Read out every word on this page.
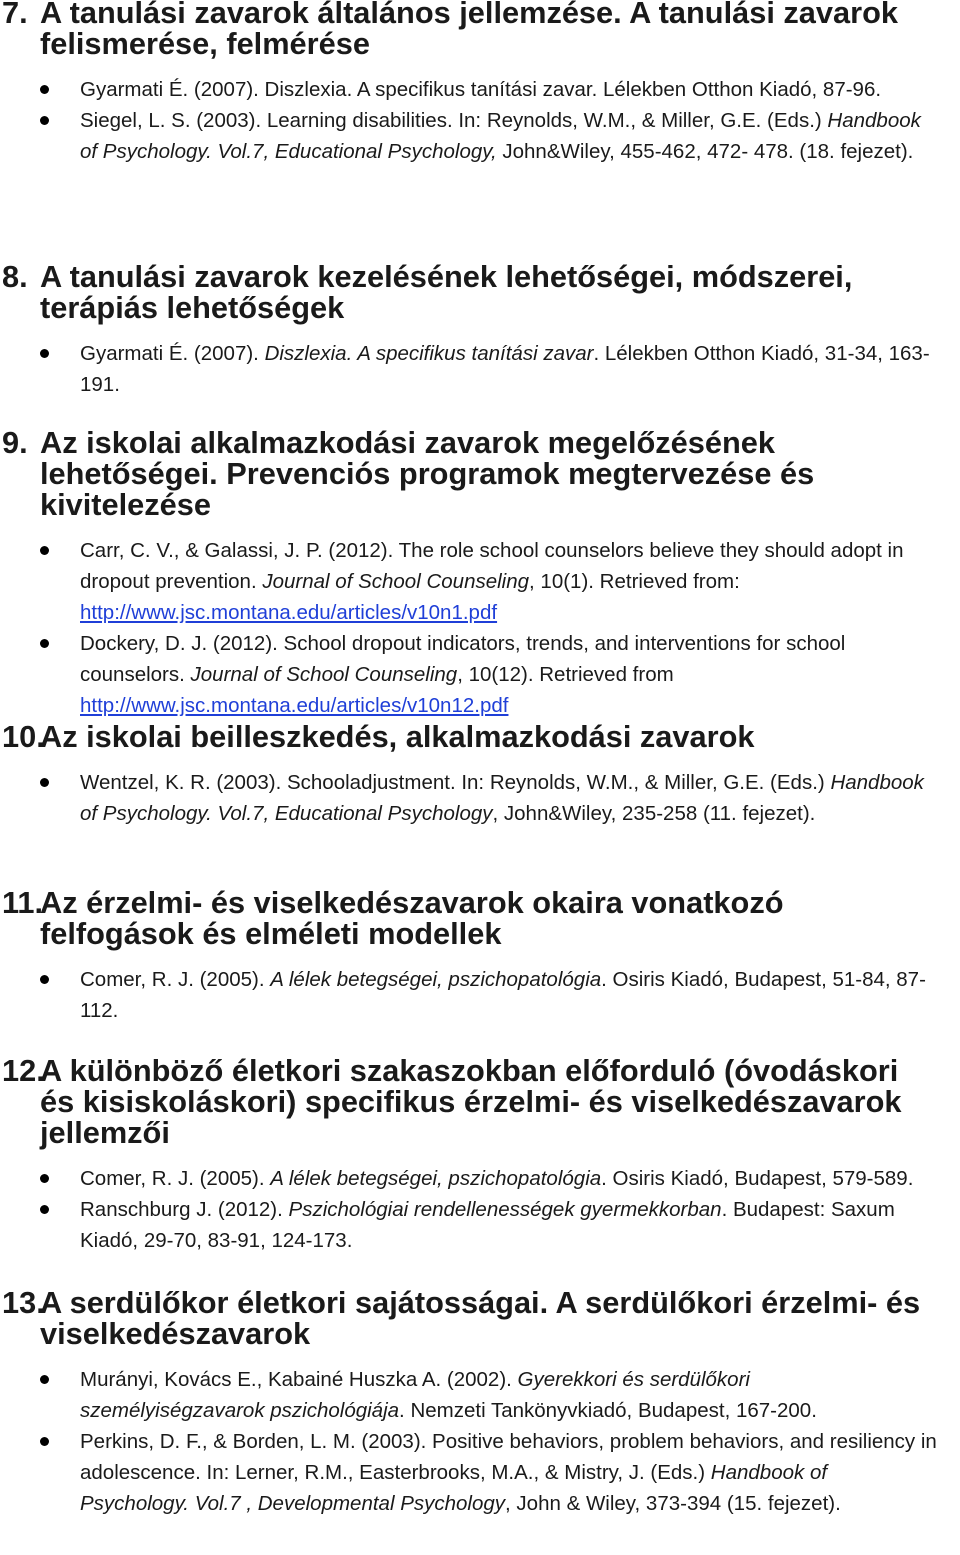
7. A tanulási zavarok általános jellemzése. A tanulási zavarok felismerése, felmérése
Gyarmati É. (2007). Diszlexia. A specifikus tanítási zavar. Lélekben Otthon Kiadó, 87-96.
Siegel, L. S. (2003). Learning disabilities. In: Reynolds, W.M., & Miller, G.E. (Eds.) Handbook of Psychology. Vol.7, Educational Psychology, John&Wiley, 455-462, 472- 478. (18. fejezet).
8. A tanulási zavarok kezelésének lehetőségei, módszerei, terápiás lehetőségek
Gyarmati É. (2007). Diszlexia. A specifikus tanítási zavar. Lélekben Otthon Kiadó, 31-34, 163-191.
9. Az iskolai alkalmazkodási zavarok megelőzésének lehetőségei. Prevenciós programok megtervezése és kivitelezése
Carr, C. V., & Galassi, J. P. (2012). The role school counselors believe they should adopt in dropout prevention. Journal of School Counseling, 10(1). Retrieved from: http://www.jsc.montana.edu/articles/v10n1.pdf
Dockery, D. J. (2012). School dropout indicators, trends, and interventions for school counselors. Journal of School Counseling, 10(12). Retrieved from http://www.jsc.montana.edu/articles/v10n12.pdf
10.
Az iskolai beilleszkedés, alkalmazkodási zavarok
Wentzel, K. R. (2003). Schooladjustment. In: Reynolds, W.M., & Miller, G.E. (Eds.) Handbook of Psychology. Vol.7, Educational Psychology, John&Wiley, 235-258 (11. fejezet).
11.
Az érzelmi- és viselkedészavarok okaira vonatkozó felfogások és elméleti modellek
Comer, R. J. (2005). A lélek betegségei, pszichopatológia. Osiris Kiadó, Budapest, 51-84, 87-112.
12.
A különböző életkori szakaszokban előforduló (óvodáskori és kisiskoláskori) specifikus érzelmi- és viselkedészavarok jellemzői
Comer, R. J. (2005). A lélek betegségei, pszichopatológia. Osiris Kiadó, Budapest, 579-589.
Ranschburg J. (2012). Pszichológiai rendellenességek gyermekkorban. Budapest: Saxum Kiadó, 29-70, 83-91, 124-173.
13.
A serdülőkor életkori sajátosságai. A serdülőkori érzelmi- és viselkedészavarok
Murányi, Kovács E., Kabainé Huszka A. (2002). Gyerekkori és serdülőkori személyiségzavarok pszichológiája. Nemzeti Tankönyvkiadó, Budapest, 167-200.
Perkins, D. F., & Borden, L. M. (2003). Positive behaviors, problem behaviors, and resiliency in adolescence. In: Lerner, R.M., Easterbrooks, M.A., & Mistry, J. (Eds.) Handbook of Psychology. Vol.7 , Developmental Psychology, John & Wiley, 373-394 (15. fejezet).
